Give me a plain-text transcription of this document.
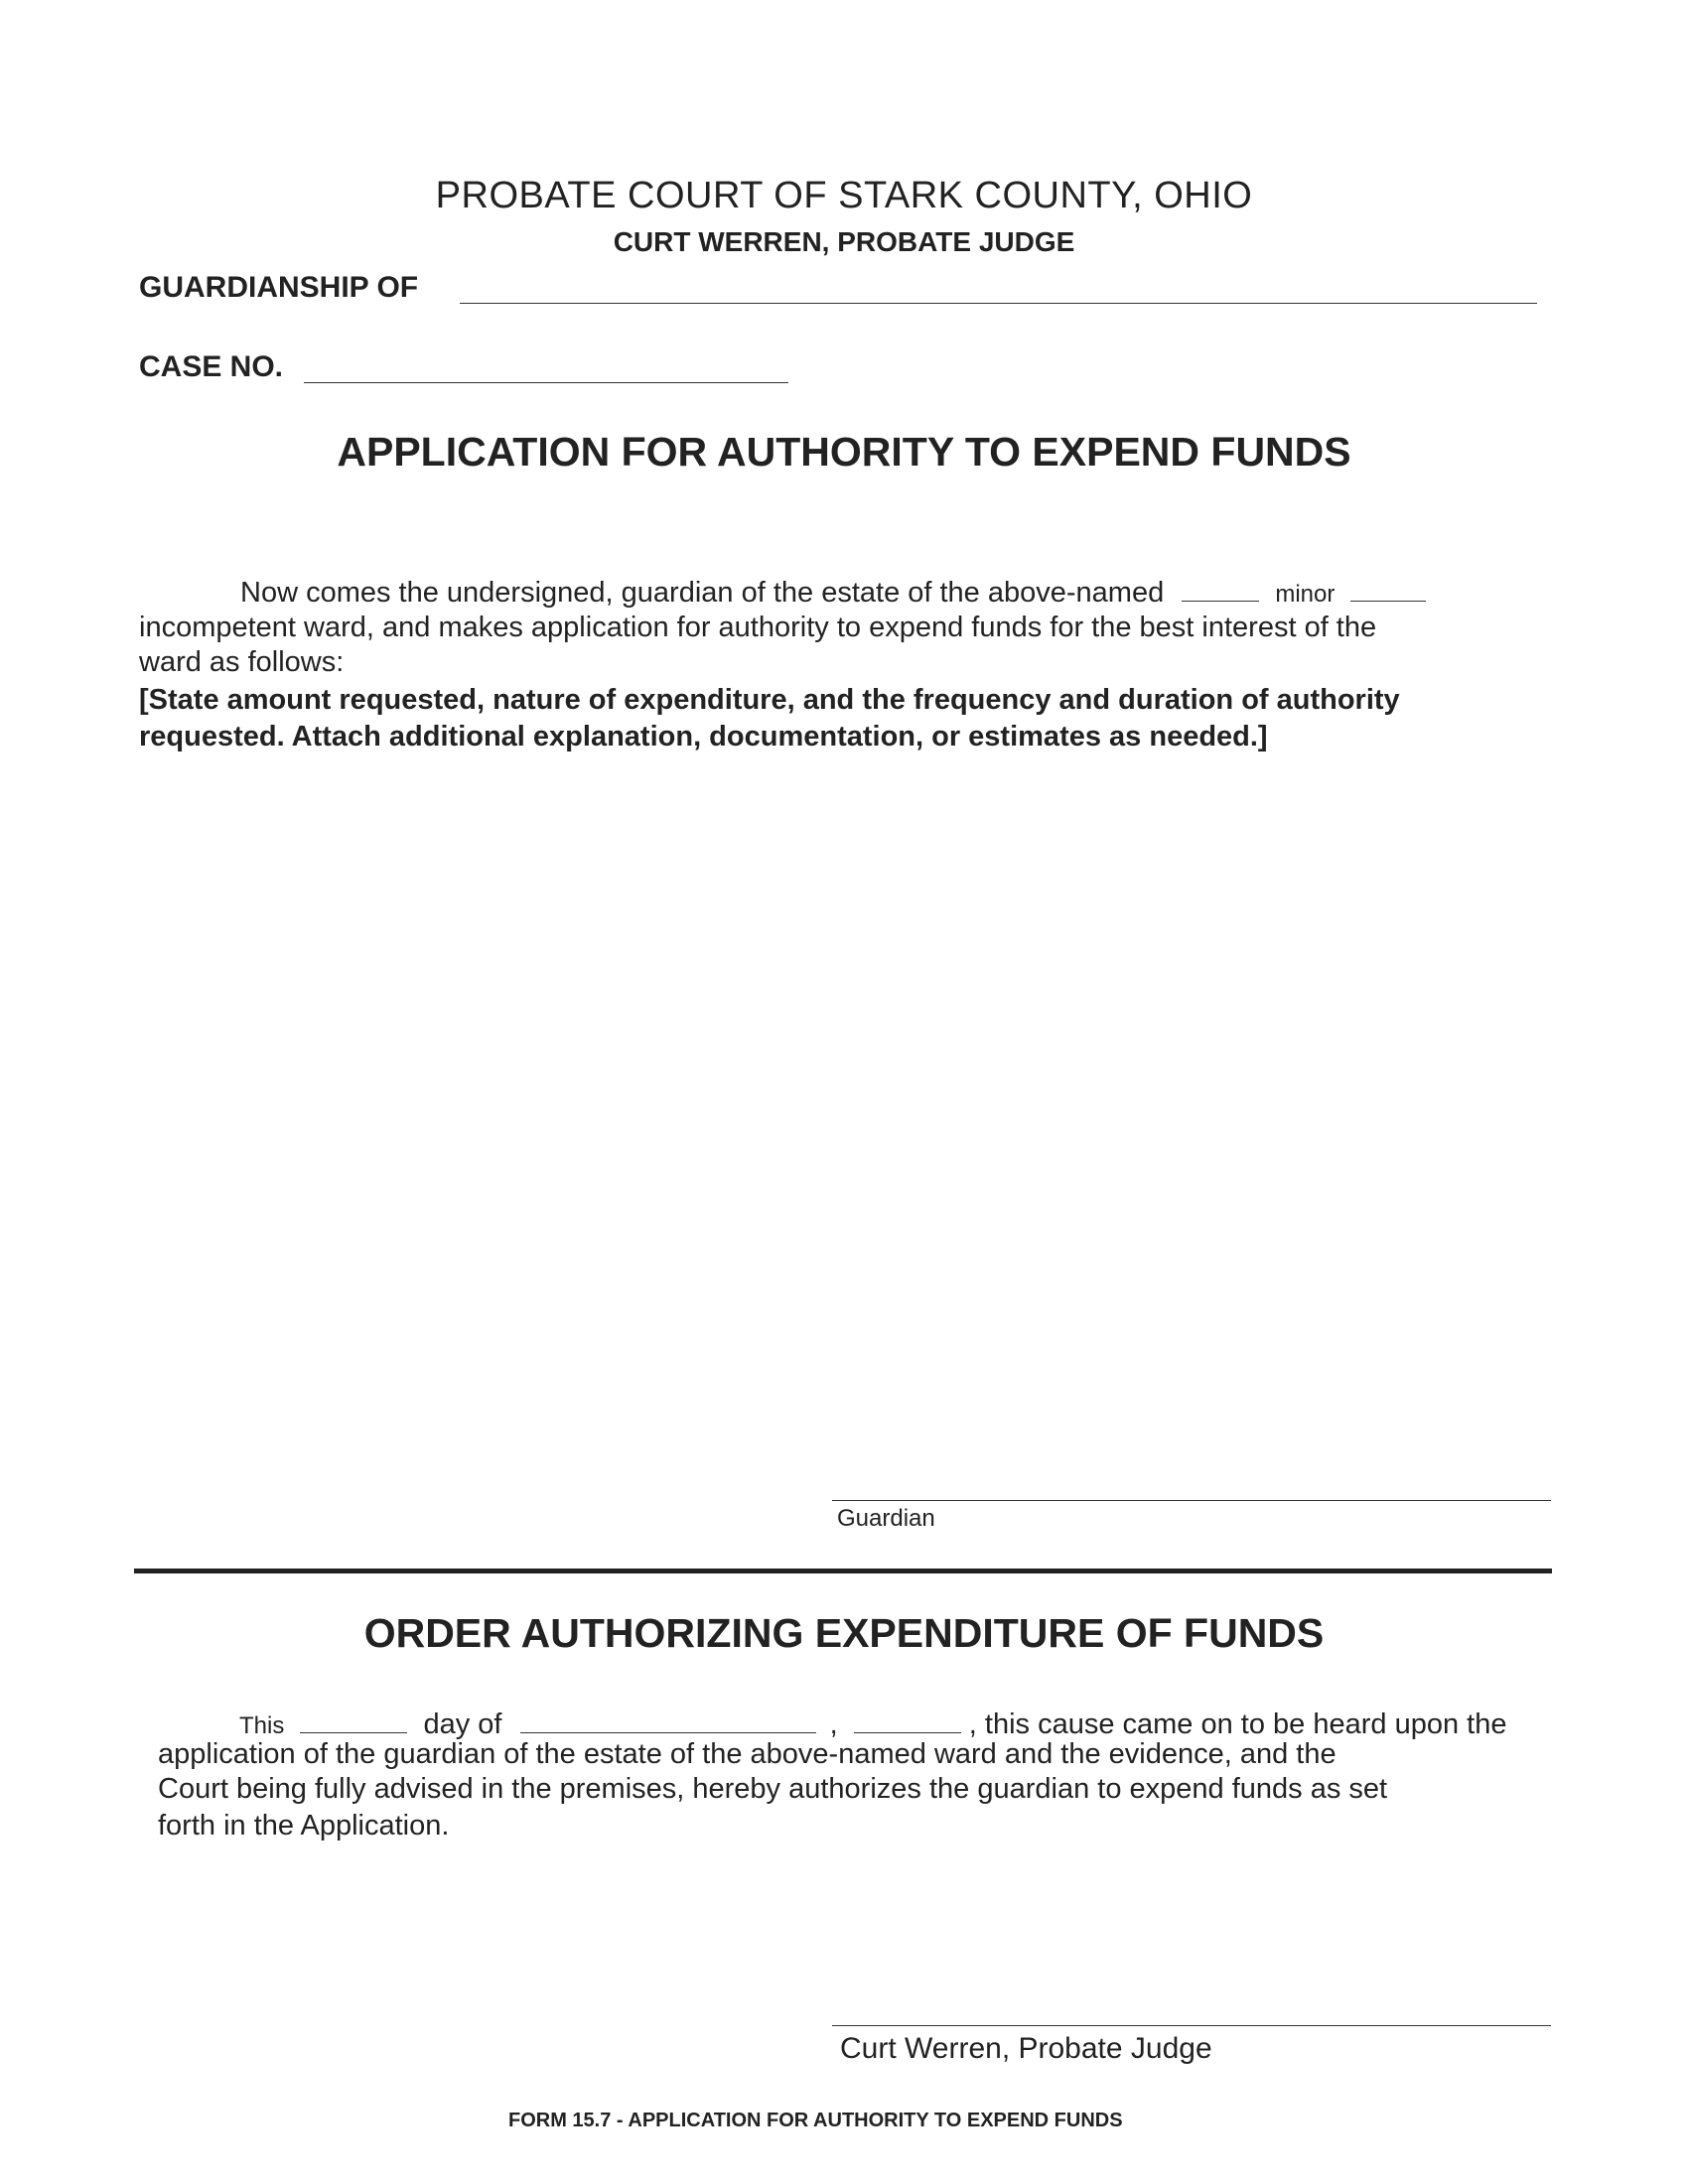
PROBATE COURT OF STARK COUNTY, OHIO
CURT WERREN, PROBATE JUDGE
GUARDIANSHIP OF
CASE NO.
APPLICATION FOR AUTHORITY TO EXPEND FUNDS
Now comes the undersigned, guardian of the estate of the above-named	minor
incompetent ward, and makes application for authority to expend funds for the best interest of the
ward as follows:
[State amount requested, nature of expenditure, and the frequency and duration of authority
requested. Attach additional explanation, documentation, or estimates as needed.]
Guardian
ORDER AUTHORIZING EXPENDITURE OF FUNDS
This	day of	,	, this cause came on to be heard upon the
application of the guardian of the estate of the above-named ward and the evidence, and the
Court being fully advised in the premises, hereby authorizes the guardian to expend funds as set
forth in the Application.
Curt Werren, Probate Judge
FORM 15.7 - APPLICATION FOR AUTHORITY TO EXPEND FUNDS
